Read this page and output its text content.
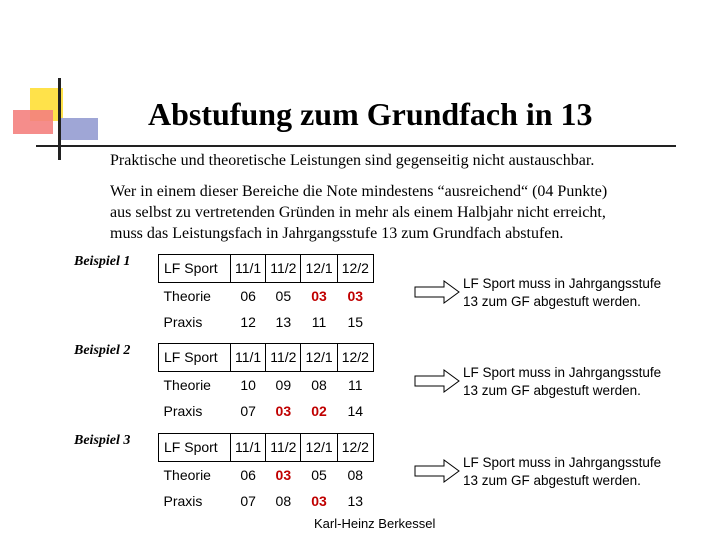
Abstufung zum Grundfach in 13
Praktische und theoretische Leistungen sind gegenseitig nicht austauschbar.
Wer in einem dieser Bereiche die Note mindestens “ausreichend“ (04 Punkte)
aus selbst zu vertretenden Gründen in mehr als einem Halbjahr nicht erreicht,
muss das Leistungsfach in Jahrgangsstufe 13 zum Grundfach abstufen.
Beispiel 1 LF Sport	11/1	11/2	12/1	12/2
Theorie	06	05	03	03
Praxis	12	13	11	15
LF Sport muss in Jahrgangsstufe
13 zum GF abgestuft werden.
Beispiel 2 LF Sport	11/1	11/2	12/1	12/2
Theorie	10	09	08	11
Praxis	07	03	02	14
LF Sport muss in Jahrgangsstufe
13 zum GF abgestuft werden.
Beispiel 3 LF Sport	11/1	11/2	12/1	12/2
Theorie	06	03	05	08
Praxis	07	08	03	13
LF Sport muss in Jahrgangsstufe
13 zum GF abgestuft werden.
Karl-Heinz Berkessel
